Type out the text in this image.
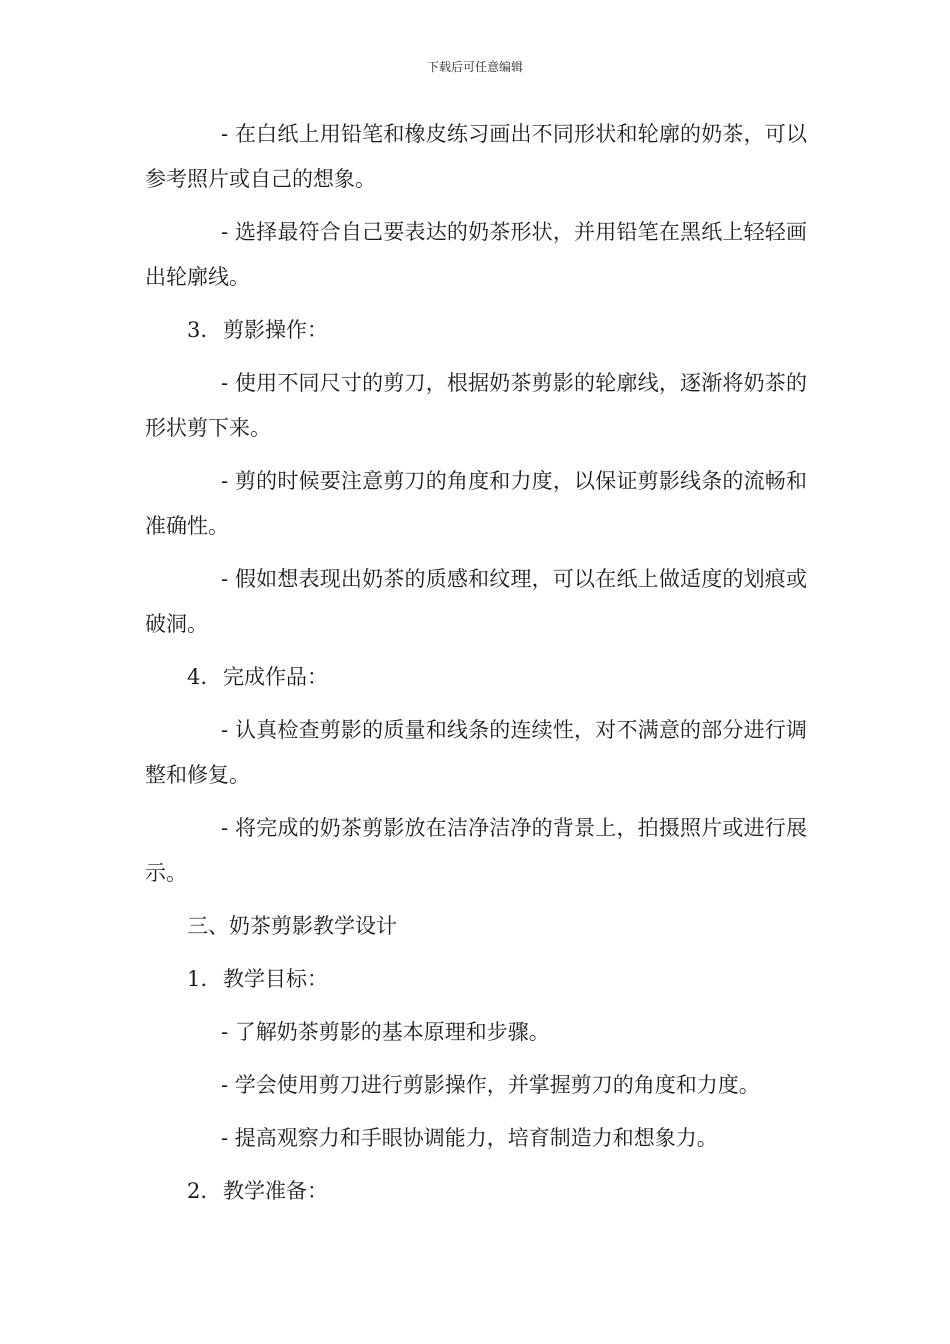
下载后可任意编辑

- 在白纸上用铅笔和橡皮练习画出不同形状和轮廓的奶茶，可以参考照片或自己的想象。

- 选择最符合自己要表达的奶茶形状，并用铅笔在黑纸上轻轻画出轮廓线。

3. 剪影操作：

- 使用不同尺寸的剪刀，根据奶茶剪影的轮廓线，逐渐将奶茶的形状剪下来。

- 剪的时候要注意剪刀的角度和力度，以保证剪影线条的流畅和准确性。

- 假如想表现出奶茶的质感和纹理，可以在纸上做适度的划痕或破洞。

4. 完成作品：

- 认真检查剪影的质量和线条的连续性，对不满意的部分进行调整和修复。

- 将完成的奶茶剪影放在洁净洁净的背景上，拍摄照片或进行展示。

三、奶茶剪影教学设计
1. 教学目标：

- 了解奶茶剪影的基本原理和步骤。

- 学会使用剪刀进行剪影操作，并掌握剪刀的角度和力度。

- 提高观察力和手眼协调能力，培育制造力和想象力。

2. 教学准备：
